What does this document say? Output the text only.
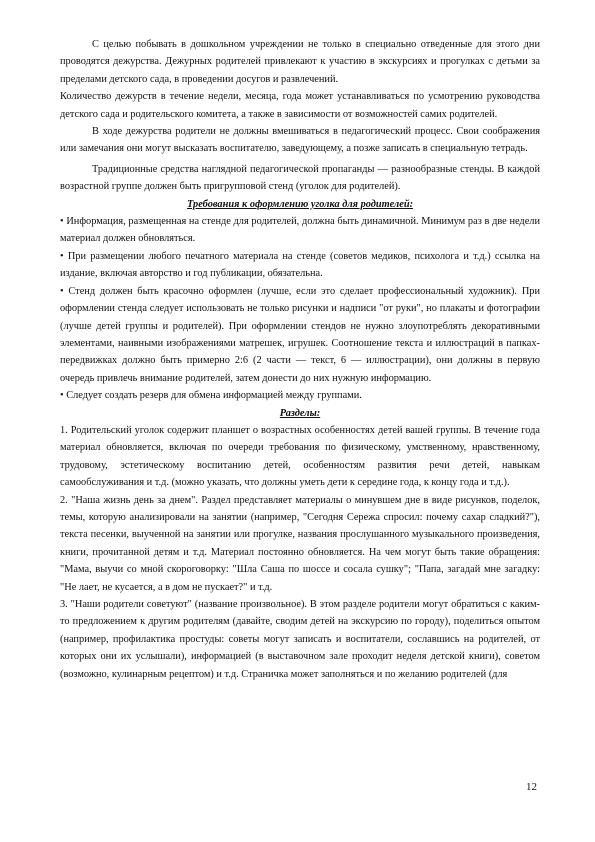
С целью побывать в дошкольном учреждении не только в специально отведенные для этого дни проводятся дежурства. Дежурных родителей привлекают к участию в экскурсиях и прогулках с детьми за пределами детского сада, в проведении досугов и развлечений.

Количество дежурств в течение недели, месяца, года может устанавливаться по усмотрению руководства детского сада и родительского комитета, а также в зависимости от возможностей самих родителей.

В ходе дежурства родители не должны вмешиваться в педагогический процесс. Свои соображения или замечания они могут высказать воспитателю, заведующему, а позже записать в специальную тетрадь.

Традиционные средства наглядной педагогической пропаганды — разнообразные стенды. В каждой возрастной группе должен быть пригрупповой стенд (уголок для родителей).

Требования к оформлению уголка для родителей:

• Информация, размещенная на стенде для родителей, должна быть динамичной. Минимум раз в две недели материал должен обновляться.

• При размещении любого печатного материала на стенде (советов медиков, психолога и т.д.) ссылка на издание, включая авторство и год публикации, обязательна.

• Стенд должен быть красочно оформлен (лучше, если это сделает профессиональный художник). При оформлении стенда следует использовать не только рисунки и надписи "от руки", но плакаты и фотографии (лучше детей группы и родителей). При оформлении стендов не нужно злоупотреблять декоративными элементами, наивными изображениями матрешек, игрушек. Соотношение текста и иллюстраций в папках-передвижках должно быть примерно 2:6 (2 части — текст, 6 — иллюстрации), они должны в первую очередь привлечь внимание родителей, затем донести до них нужную информацию.

• Следует создать резерв для обмена информацией между группами.

Разделы:

1. Родительский уголок содержит планшет о возрастных особенностях детей вашей группы. В течение года материал обновляется, включая по очереди требования по физическому, умственному, нравственному, трудовому, эстетическому воспитанию детей, особенностям развития речи детей, навыкам самообслуживания и т.д. (можно указать, что должны уметь дети к середине года, к концу года и т.д.).

2. "Наша жизнь день за днем". Раздел представляет материалы о минувшем дне в виде рисунков, поделок, темы, которую анализировали на занятии (например, "Сегодня Сережа спросил: почему сахар сладкий?"), текста песенки, выученной на занятии или прогулке, названия прослушанного музыкального произведения, книги, прочитанной детям и т.д. Материал постоянно обновляется. На чем могут быть такие обращения: "Мама, выучи со мной скороговорку: "Шла Саша по шоссе и сосала сушку"; "Папа, загадай мне загадку: "Не лает, не кусается, а в дом не пускает?" и т.д.

3. "Наши родители советуют" (название произвольное). В этом разделе родители могут обратиться с каким-то предложением к другим родителям (давайте, сводим детей на экскурсию по городу), поделиться опытом (например, профилактика простуды: советы могут записать и воспитатели, сославшись на родителей, от которых они их услышали), информацией (в выставочном зале проходит неделя детской книги), советом (возможно, кулинарным рецептом) и т.д. Страничка может заполняться и по желанию родителей (для

12
